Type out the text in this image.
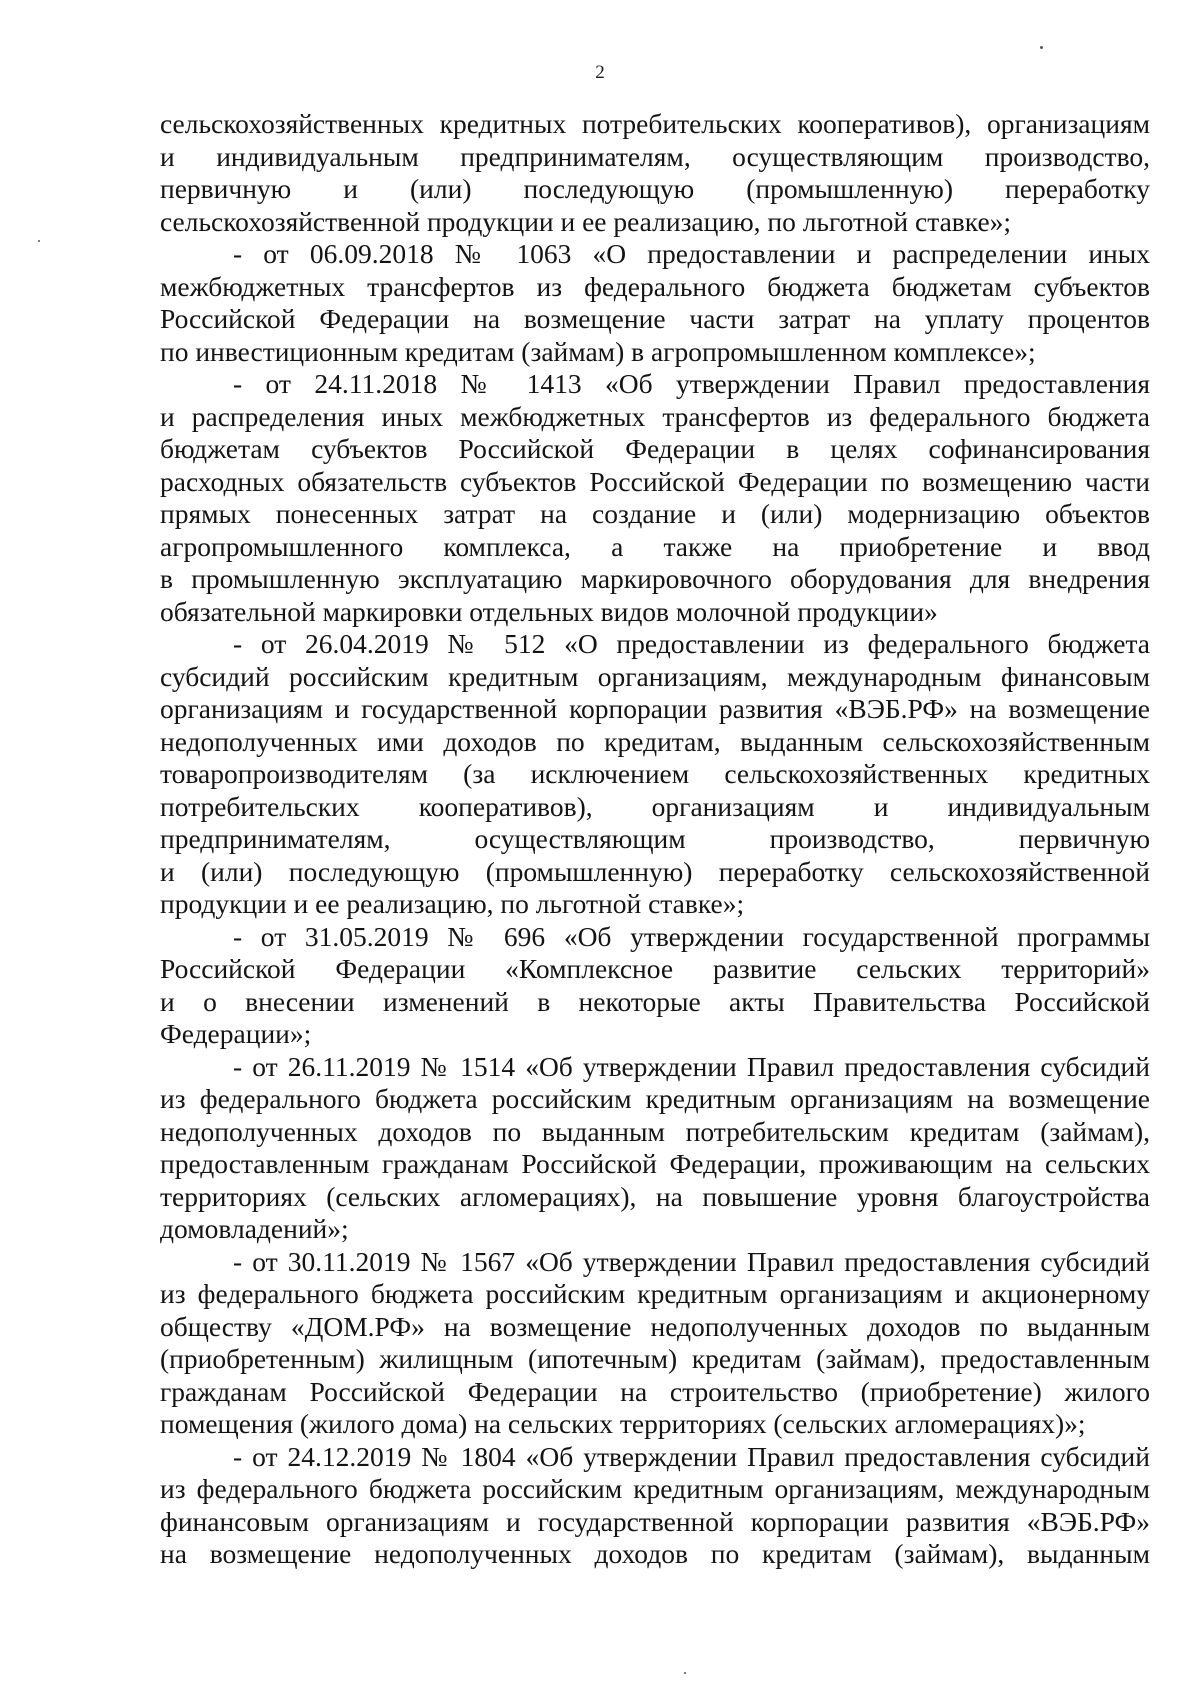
2
сельскохозяйственных кредитных потребительских кооперативов), организациям
и индивидуальным предпринимателям, осуществляющим производство,
первичную и (или) последующую (промышленную) переработку
сельскохозяйственной продукции и ее реализацию, по льготной ставке»;
- от 06.09.2018 № 1063 «О предоставлении и распределении иных
межбюджетных трансфертов из федерального бюджета бюджетам субъектов
Российской Федерации на возмещение части затрат на уплату процентов
по инвестиционным кредитам (займам) в агропромышленном комплексе»;
- от 24.11.2018 № 1413 «Об утверждении Правил предоставления
и распределения иных межбюджетных трансфертов из федерального бюджета
бюджетам субъектов Российской Федерации в целях софинансирования
расходных обязательств субъектов Российской Федерации по возмещению части
прямых понесенных затрат на создание и (или) модернизацию объектов
агропромышленного комплекса, а также на приобретение и ввод
в промышленную эксплуатацию маркировочного оборудования для внедрения
обязательной маркировки отдельных видов молочной продукции»
- от 26.04.2019 № 512 «О предоставлении из федерального бюджета
субсидий российским кредитным организациям, международным финансовым
организациям и государственной корпорации развития «ВЭБ.РФ» на возмещение
недополученных ими доходов по кредитам, выданным сельскохозяйственным
товаропроизводителям (за исключением сельскохозяйственных кредитных
потребительских кооперативов), организациям и индивидуальным
предпринимателям, осуществляющим производство, первичную
и (или) последующую (промышленную) переработку сельскохозяйственной
продукции и ее реализацию, по льготной ставке»;
- от 31.05.2019 № 696 «Об утверждении государственной программы
Российской Федерации «Комплексное развитие сельских территорий»
и о внесении изменений в некоторые акты Правительства Российской
Федерации»;
- от 26.11.2019 № 1514 «Об утверждении Правил предоставления субсидий
из федерального бюджета российским кредитным организациям на возмещение
недополученных доходов по выданным потребительским кредитам (займам),
предоставленным гражданам Российской Федерации, проживающим на сельских
территориях (сельских агломерациях), на повышение уровня благоустройства
домовладений»;
- от 30.11.2019 № 1567 «Об утверждении Правил предоставления субсидий
из федерального бюджета российским кредитным организациям и акционерному
обществу «ДОМ.РФ» на возмещение недополученных доходов по выданным
(приобретенным) жилищным (ипотечным) кредитам (займам), предоставленным
гражданам Российской Федерации на строительство (приобретение) жилого
помещения (жилого дома) на сельских территориях (сельских агломерациях)»;
- от 24.12.2019 № 1804 «Об утверждении Правил предоставления субсидий
из федерального бюджета российским кредитным организациям, международным
финансовым организациям и государственной корпорации развития «ВЭБ.РФ»
на возмещение недополученных доходов по кредитам (займам), выданным
